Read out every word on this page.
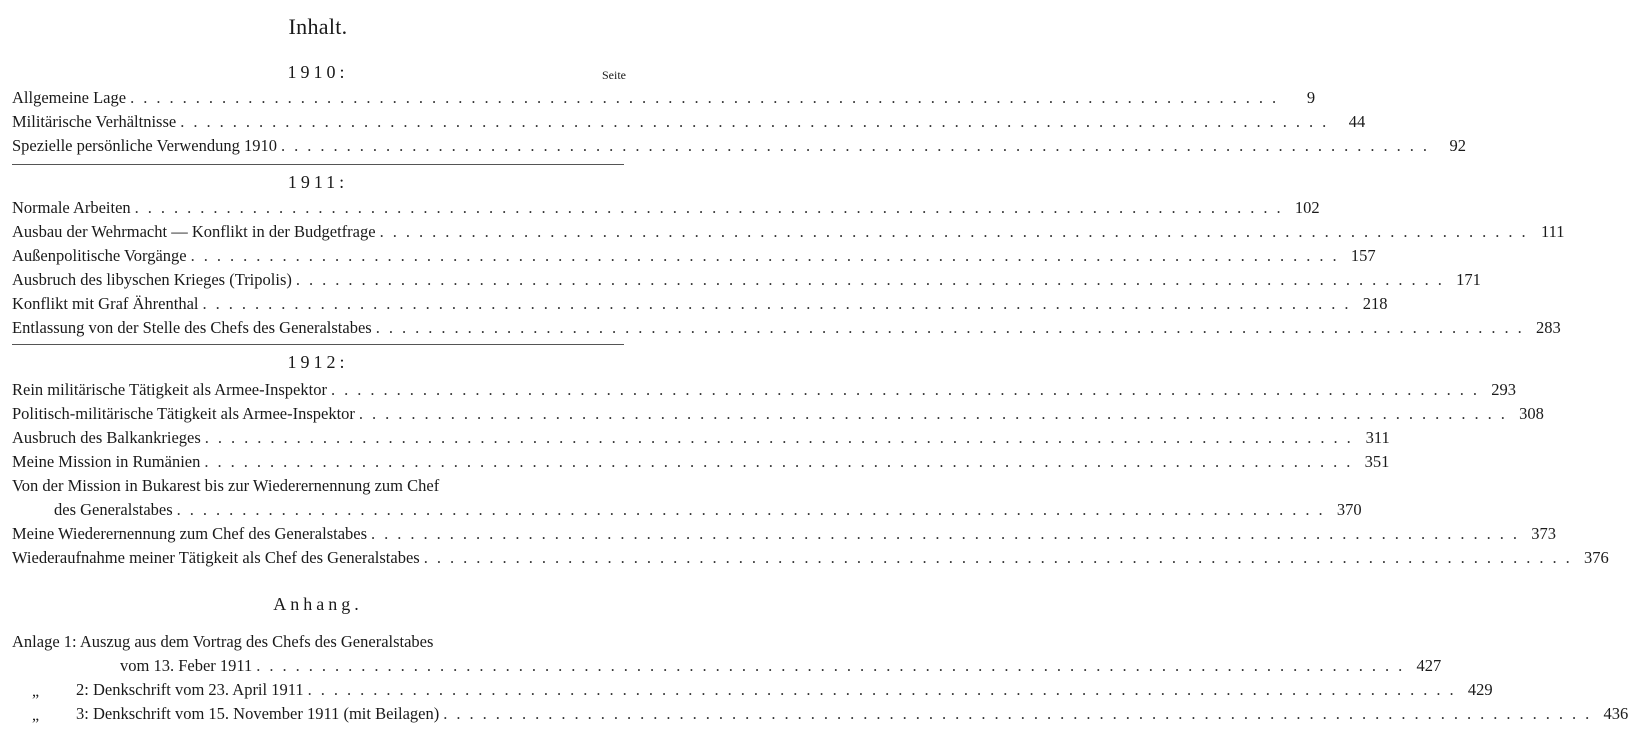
Inhalt.
1910:	Seite
Allgemeine Lage ........................................................................................	9
Militärische Verhältnisse ........................................................................................ 44
Spezielle persönliche Verwendung 1910 ........................................................................................ 92
1911:
Normale Arbeiten ........................................................................................ 102
Ausbau der Wehrmacht — Konflikt in der Budgetfrage ........................................................................................ 111
Außenpolitische Vorgänge ........................................................................................ 157
Ausbruch des libyschen Krieges (Tripolis) ........................................................................................ 171
Konflikt mit Graf Ährenthal ........................................................................................ 218
Entlassung von der Stelle des Chefs des Generalstabes ........................................................................................ 283
1912:
Rein militärische Tätigkeit als Armee-Inspektor ........................................................................................ 293
Politisch-militärische Tätigkeit als Armee-Inspektor ........................................................................................ 308
Ausbruch des Balkankrieges ........................................................................................ 311
Meine Mission in Rumänien ........................................................................................ 351
Von der Mission in Bukarest bis zur Wiederernennung zum Chef
des Generalstabes ........................................................................................ 370
Meine Wiederernennung zum Chef des Generalstabes ........................................................................................ 373
Wiederaufnahme meiner Tätigkeit als Chef des Generalstabes ........................................................................................ 376
Anhang.
Anlage 1: Auszug aus dem Vortrag des Chefs des Generalstabes
vom 13. Feber 1911 ........................................................................................ 427
„ 2: Denkschrift vom 23. April 1911 ........................................................................................ 429
„ 3: Denkschrift vom 15. November 1911 (mit Beilagen) ........................................................................................ 436
